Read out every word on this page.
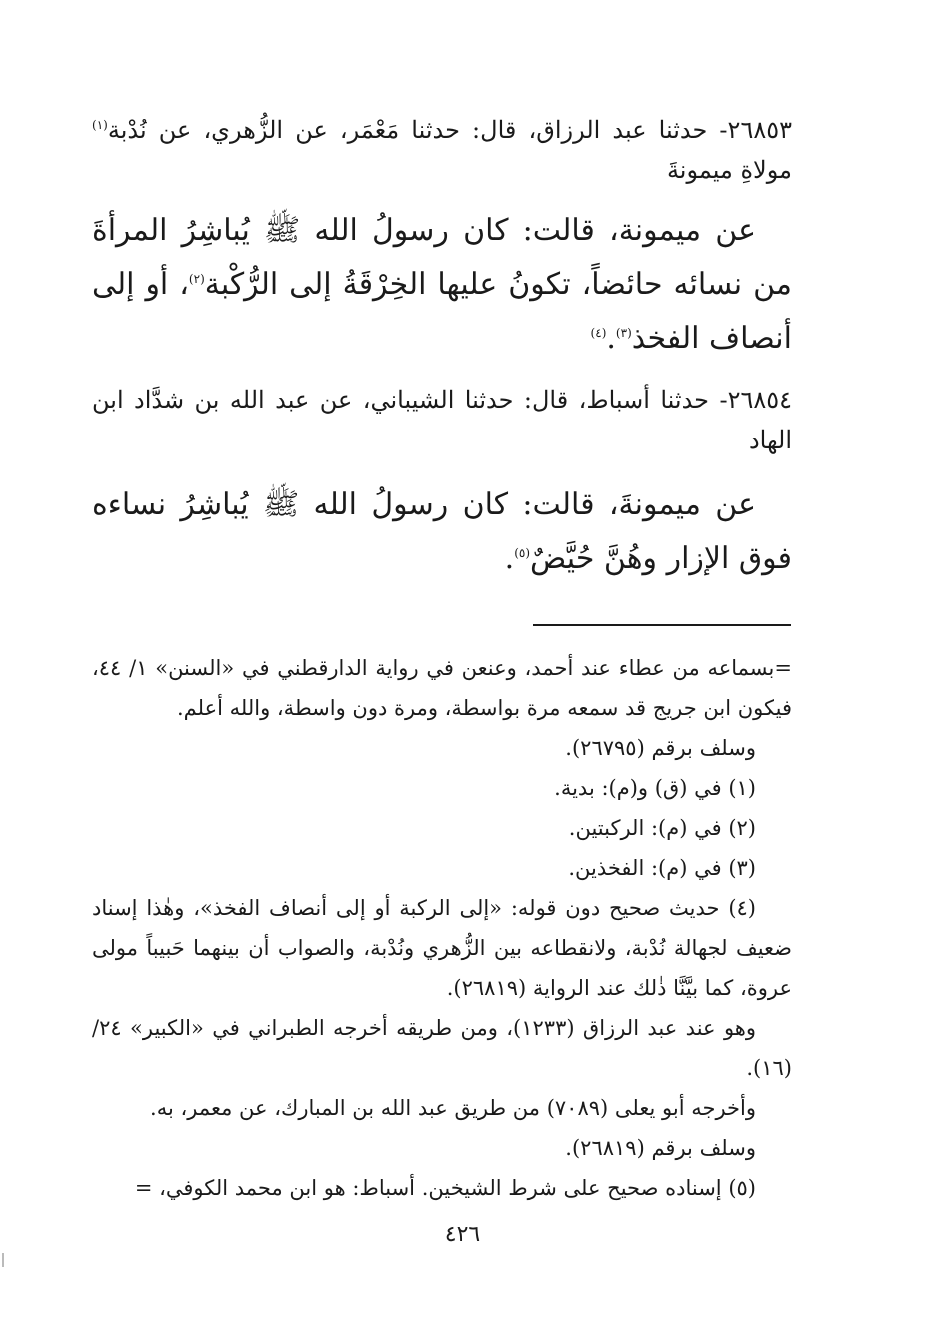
٢٦٨٥٣- حدثنا عبد الرزاق، قال: حدثنا مَعْمَر، عن الزُّهري، عن نُدْبة$^{(١)}$ مولاةِ ميمونةَ

عن ميمونة، قالت: كان رسولُ الله ﷺ يُباشِرُ المرأةَ من نسائه حائضاً، تكونُ عليها الخِرْقَةُ إلى الرُّكْبة$^{(٢)}$، أو إلى أنصاف الفخذ$^{(٣)}$.$^{(٤)}$

٢٦٨٥٤- حدثنا أسباط، قال: حدثنا الشيباني، عن عبد الله بن شدَّاد ابن الهاد

عن ميمونةَ، قالت: كان رسولُ الله ﷺ يُباشِرُ نساءه فوق الإزار وهُنَّ حُيَّضٌ$^{(٥)}$.

=بسماعه من عطاء عند أحمد، وعنعن في رواية الدارقطني في «السنن» ١/ ٤٤، فيكون ابن جريج قد سمعه مرة بواسطة، ومرة دون واسطة، والله أعلم.

وسلف برقم (٢٦٧٩٥).

(١) في (ق) و(م): بدية.

(٢) في (م): الركبتين.

(٣) في (م): الفخذين.

(٤) حديث صحيح دون قوله: «إلى الركبة أو إلى أنصاف الفخذ»، وهٰذا إسناد ضعيف لجهالة نُدْبة، ولانقطاعه بين الزُّهري ونُدْبة، والصواب أن بينهما حَبيباً مولى عروة، كما بيَّنَّا ذٰلك عند الرواية (٢٦٨١٩).

وهو عند عبد الرزاق (١٢٣٣)، ومن طريقه أخرجه الطبراني في «الكبير» ٢٤/ (١٦).

وأخرجه أبو يعلى (٧٠٨٩) من طريق عبد الله بن المبارك، عن معمر، به.

وسلف برقم (٢٦٨١٩).

(٥) إسناده صحيح على شرط الشيخين. أسباط: هو ابن محمد الكوفي، =

٤٢٦
